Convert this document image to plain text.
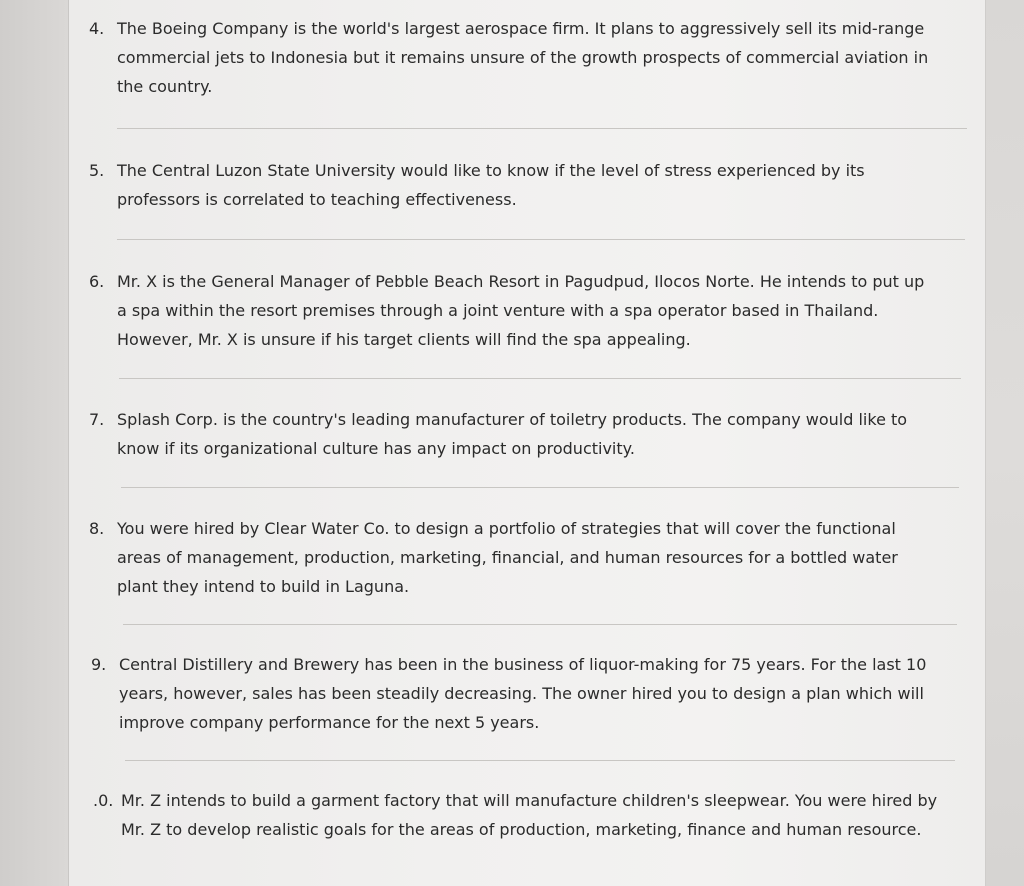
4. The Boeing Company is the world's largest aerospace firm. It plans to aggressively sell its mid-range commercial jets to Indonesia but it remains unsure of the growth prospects of commercial aviation in the country.
5. The Central Luzon State University would like to know if the level of stress experienced by its professors is correlated to teaching effectiveness.
6. Mr. X is the General Manager of Pebble Beach Resort in Pagudpud, Ilocos Norte. He intends to put up a spa within the resort premises through a joint venture with a spa operator based in Thailand. However, Mr. X is unsure if his target clients will find the spa appealing.
7. Splash Corp. is the country's leading manufacturer of toiletry products. The company would like to know if its organizational culture has any impact on productivity.
8. You were hired by Clear Water Co. to design a portfolio of strategies that will cover the functional areas of management, production, marketing, financial, and human resources for a bottled water plant they intend to build in Laguna.
9. Central Distillery and Brewery has been in the business of liquor-making for 75 years. For the last 10 years, however, sales has been steadily decreasing. The owner hired you to design a plan which will improve company performance for the next 5 years.
.0. Mr. Z intends to build a garment factory that will manufacture children's sleepwear. You were hired by Mr. Z to develop realistic goals for the areas of production, marketing, finance and human resource.
